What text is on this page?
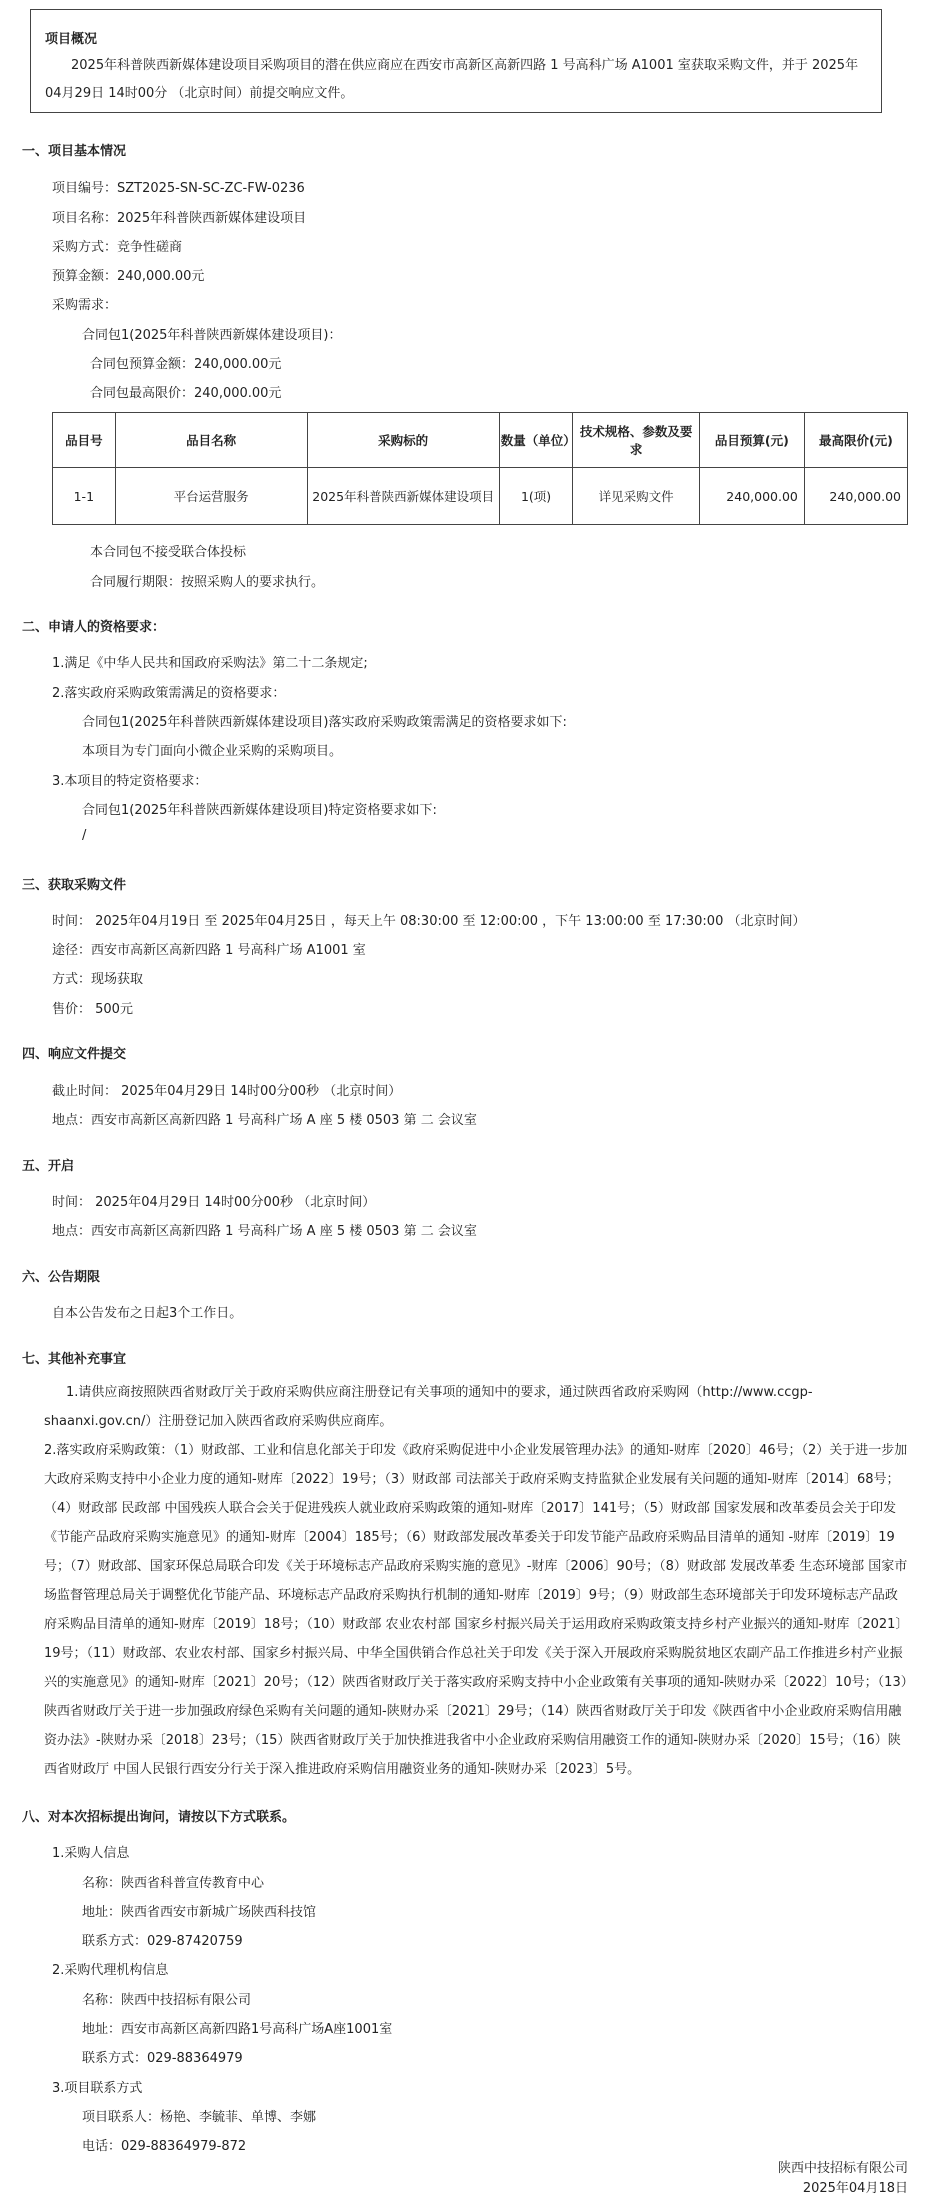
项目概况
2025年科普陕西新媒体建设项目采购项目的潜在供应商应在西安市高新区高新四路 1 号高科广场 A1001 室获取采购文件，并于 2025年04月29日 14时00分 （北京时间）前提交响应文件。
一、项目基本情况
项目编号：SZT2025-SN-SC-ZC-FW-0236
项目名称：2025年科普陕西新媒体建设项目
采购方式：竞争性磋商
预算金额：240,000.00元
采购需求：
合同包1(2025年科普陕西新媒体建设项目)：
合同包预算金额：240,000.00元
合同包最高限价：240,000.00元
品目号	品目名称	采购标的	数量（单位）	技术规格、参数及要求	品目预算(元)	最高限价(元)
1-1	平台运营服务	2025年科普陕西新媒体建设项目	1(项)	详见采购文件	240,000.00	240,000.00
本合同包不接受联合体投标
合同履行期限：按照采购人的要求执行。
二、申请人的资格要求：
1.满足《中华人民共和国政府采购法》第二十二条规定;
2.落实政府采购政策需满足的资格要求：
合同包1(2025年科普陕西新媒体建设项目)落实政府采购政策需满足的资格要求如下:
本项目为专门面向小微企业采购的采购项目。
3.本项目的特定资格要求：
合同包1(2025年科普陕西新媒体建设项目)特定资格要求如下:
/
三、获取采购文件
时间： 2025年04月19日 至 2025年04月25日 ，每天上午 08:30:00 至 12:00:00 ，下午 13:00:00 至 17:30:00 （北京时间）
途径：西安市高新区高新四路 1 号高科广场 A1001 室
方式：现场获取
售价： 500元
四、响应文件提交
截止时间： 2025年04月29日 14时00分00秒 （北京时间）
地点：西安市高新区高新四路 1 号高科广场 A 座 5 楼 0503 第 二 会议室
五、开启
时间： 2025年04月29日 14时00分00秒 （北京时间）
地点：西安市高新区高新四路 1 号高科广场 A 座 5 楼 0503 第 二 会议室
六、公告期限
自本公告发布之日起3个工作日。
七、其他补充事宜
1.请供应商按照陕西省财政厅关于政府采购供应商注册登记有关事项的通知中的要求，通过陕西省政府采购网（http://www.ccgp-shaanxi.gov.cn/）注册登记加入陕西省政府采购供应商库。
2.落实政府采购政策：（1）财政部、工业和信息化部关于印发《政府采购促进中小企业发展管理办法》的通知-财库〔2020〕46号；（2）关于进一步加大政府采购支持中小企业力度的通知-财库〔2022〕19号；（3）财政部 司法部关于政府采购支持监狱企业发展有关问题的通知-财库〔2014〕68号；（4）财政部 民政部 中国残疾人联合会关于促进残疾人就业政府采购政策的通知-财库〔2017〕141号；（5）财政部 国家发展和改革委员会关于印发《节能产品政府采购实施意见》的通知-财库〔2004〕185号；（6）财政部发展改革委关于印发节能产品政府采购品目清单的通知 -财库〔2019〕19号；（7）财政部、国家环保总局联合印发《关于环境标志产品政府采购实施的意见》-财库〔2006〕90号；（8）财政部 发展改革委 生态环境部 国家市场监督管理总局关于调整优化节能产品、环境标志产品政府采购执行机制的通知-财库〔2019〕9号；（9）财政部生态环境部关于印发环境标志产品政府采购品目清单的通知-财库〔2019〕18号；（10）财政部 农业农村部 国家乡村振兴局关于运用政府采购政策支持乡村产业振兴的通知-财库〔2021〕19号；（11）财政部、农业农村部、国家乡村振兴局、中华全国供销合作总社关于印发《关于深入开展政府采购脱贫地区农副产品工作推进乡村产业振兴的实施意见》的通知-财库〔2021〕20号；（12）陕西省财政厅关于落实政府采购支持中小企业政策有关事项的通知-陕财办采〔2022〕10号；（13）陕西省财政厅关于进一步加强政府绿色采购有关问题的通知-陕财办采〔2021〕29号；（14）陕西省财政厅关于印发《陕西省中小企业政府采购信用融资办法》-陕财办采〔2018〕23号；（15）陕西省财政厅关于加快推进我省中小企业政府采购信用融资工作的通知-陕财办采〔2020〕15号；（16）陕西省财政厅 中国人民银行西安分行关于深入推进政府采购信用融资业务的通知-陕财办采〔2023〕5号。
八、对本次招标提出询问，请按以下方式联系。
1.采购人信息
名称：陕西省科普宣传教育中心
地址：陕西省西安市新城广场陕西科技馆
联系方式：029-87420759
2.采购代理机构信息
名称：陕西中技招标有限公司
地址：西安市高新区高新四路1号高科广场A座1001室
联系方式：029-88364979
3.项目联系方式
项目联系人：杨艳、李毓菲、单博、李娜
电话：029-88364979-872
陕西中技招标有限公司
2025年04月18日
